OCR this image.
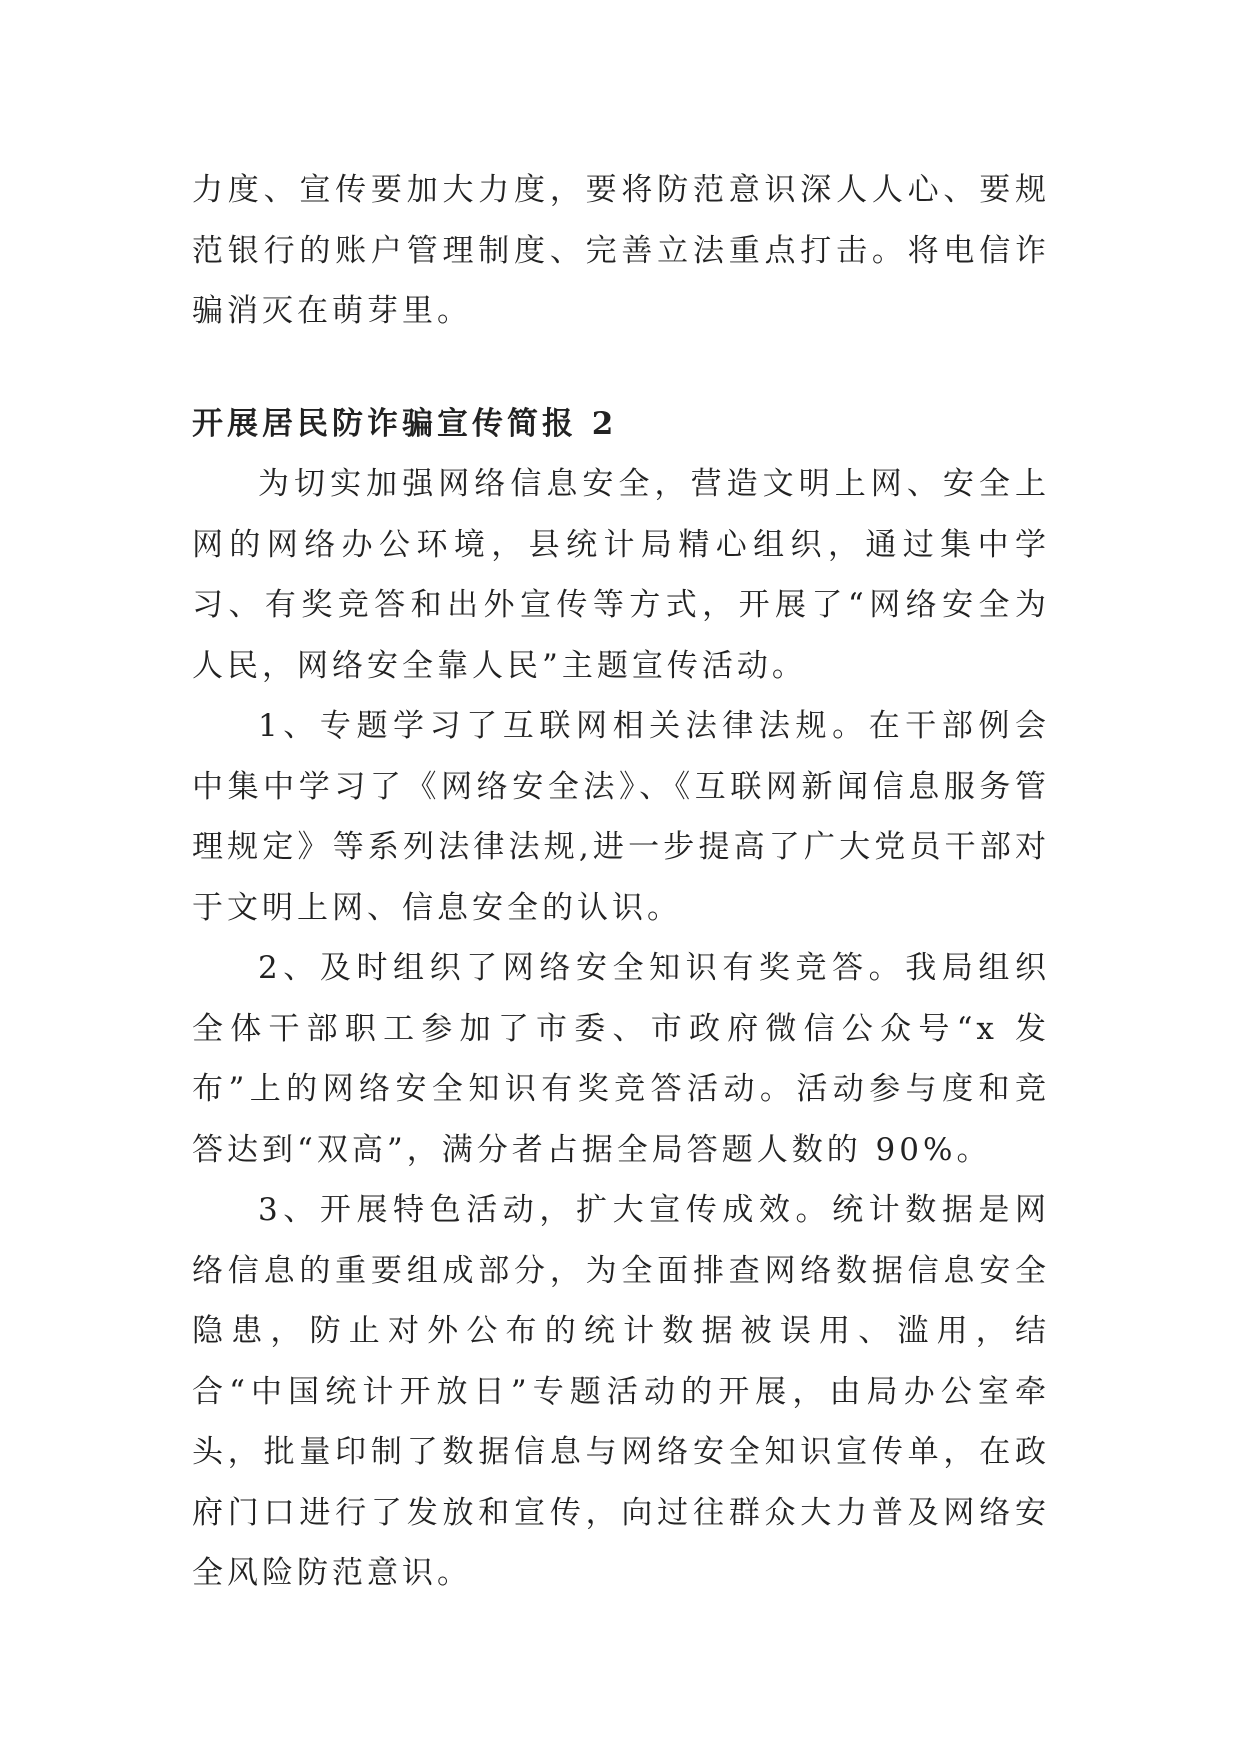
力度、宣传要加大力度，要将防范意识深人人心、要规范银行的账户管理制度、完善立法重点打击。将电信诈骗消灭在萌芽里。

开展居民防诈骗宣传简报 2

为切实加强网络信息安全，营造文明上网、安全上网的网络办公环境，县统计局精心组织，通过集中学习、有奖竞答和出外宣传等方式，开展了“网络安全为人民，网络安全靠人民”主题宣传活动。

1、专题学习了互联网相关法律法规。在干部例会中集中学习了《网络安全法》、《互联网新闻信息服务管理规定》等系列法律法规,进一步提高了广大党员干部对于文明上网、信息安全的认识。

2、及时组织了网络安全知识有奖竞答。我局组织全体干部职工参加了市委、市政府微信公众号“x 发布”上的网络安全知识有奖竞答活动。活动参与度和竞答达到“双高”，满分者占据全局答题人数的 90%。

3、开展特色活动，扩大宣传成效。统计数据是网络信息的重要组成部分，为全面排查网络数据信息安全隐患，防止对外公布的统计数据被误用、滥用，结合“中国统计开放日”专题活动的开展，由局办公室牵头，批量印制了数据信息与网络安全知识宣传单，在政府门口进行了发放和宣传，向过往群众大力普及网络安全风险防范意识。
